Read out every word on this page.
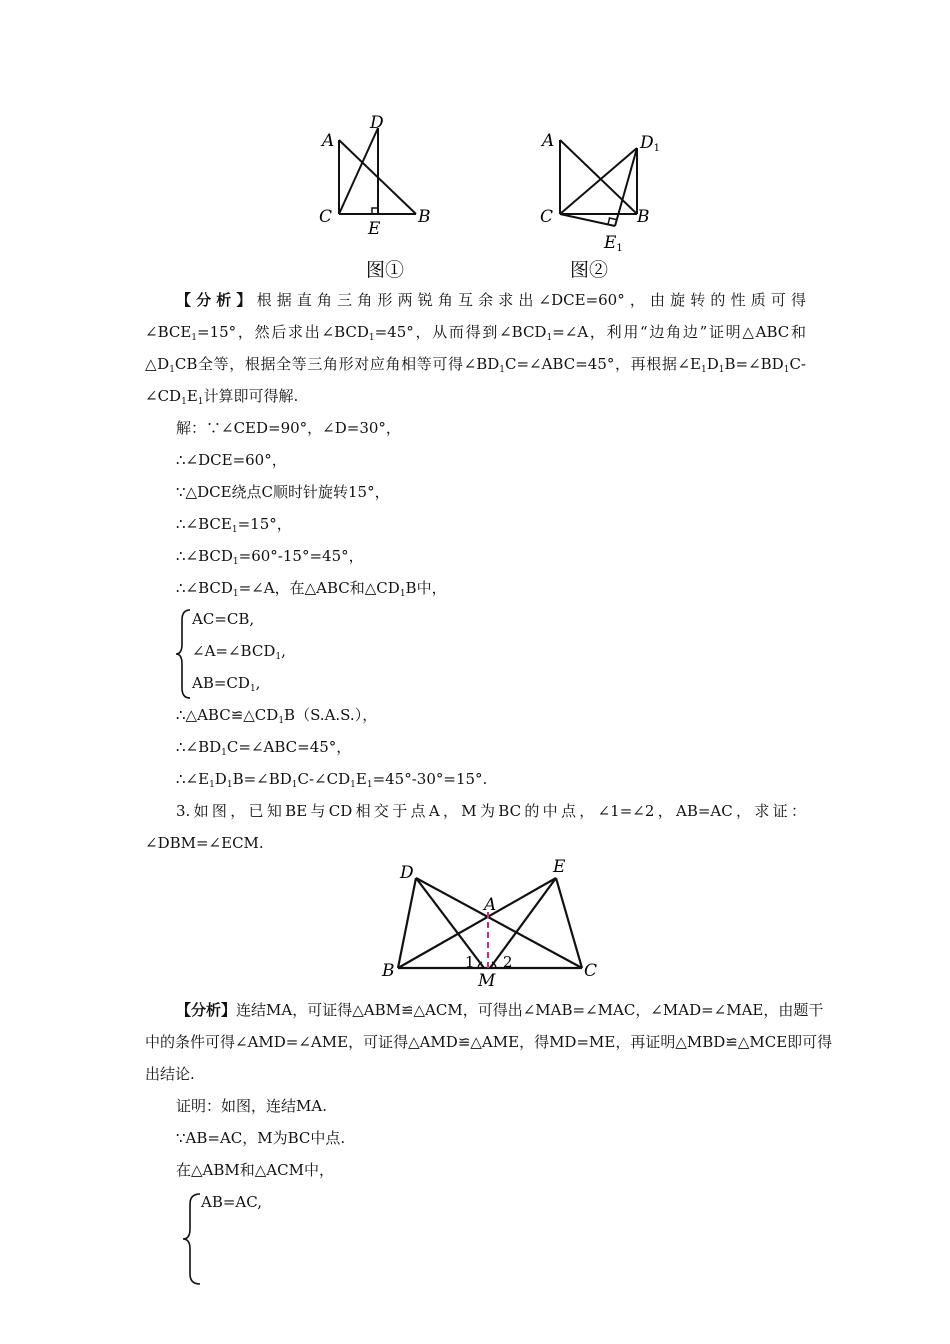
A
D
C
E
B
图①
A	D1
C	B
E1
图②
【分析】根据直角三角形两锐角互余求出∠DCE=60°，由旋转的性质可得
$\angle BCE_1=15^\circ$，然后求出$\angle BCD_1=45^\circ$，从而得到$\angle BCD_1=\angle A$，利用“边角边”证明△ABC和
$\triangle D_1CB$全等，根据全等三角形对应角相等可得$\angle BD_1C=\angle ABC=45^\circ$，再根据$\angle E_1D_1B=\angle BD_1C-$
$\angle CD_1E_1$计算即可得解.
解：∵∠CED=90°，∠D=30°，
∴∠DCE=60°，
∵△DCE绕点C顺时针旋转15°，
$\therefore\angle BCE_1=15^\circ$，
$\therefore\angle BCD_1=60^\circ-15^\circ=45^\circ$，
$\therefore\angle BCD_1=\angle A$，在△ABC和$\triangle CD_1B$中，
AC=CB,
$\angle A=\angle BCD_1$,
$AB=CD_1$,
$\therefore\triangle ABC≌\triangle CD_1B(S.A.S.)$，
$\therefore\angle BD_1C=\angle ABC=45^\circ$，
$\therefore\angle E_1D_1B=\angle BD_1C-\angle CD_1E_1=45^\circ-30^\circ=15^\circ$.
3.如图，已知BE与CD相交于点A，M为BC的中点，∠1=∠2，AB=AC，求证：
∠DBM=∠ECM.
D	E
A
B	1 2
M	C
【分析】连结MA，可证得△ABM≌△ACM，可得出∠MAB=∠MAC，∠MAD=∠MAE，由题干
中的条件可得∠AMD=∠AME，可证得△AMD≌△AME，得MD=ME，再证明△MBD≌△MCE即可得
出结论.
证明：如图，连结MA.
∵AB=AC，M为BC中点.
在△ABM和△ACM中，
AB=AC,
